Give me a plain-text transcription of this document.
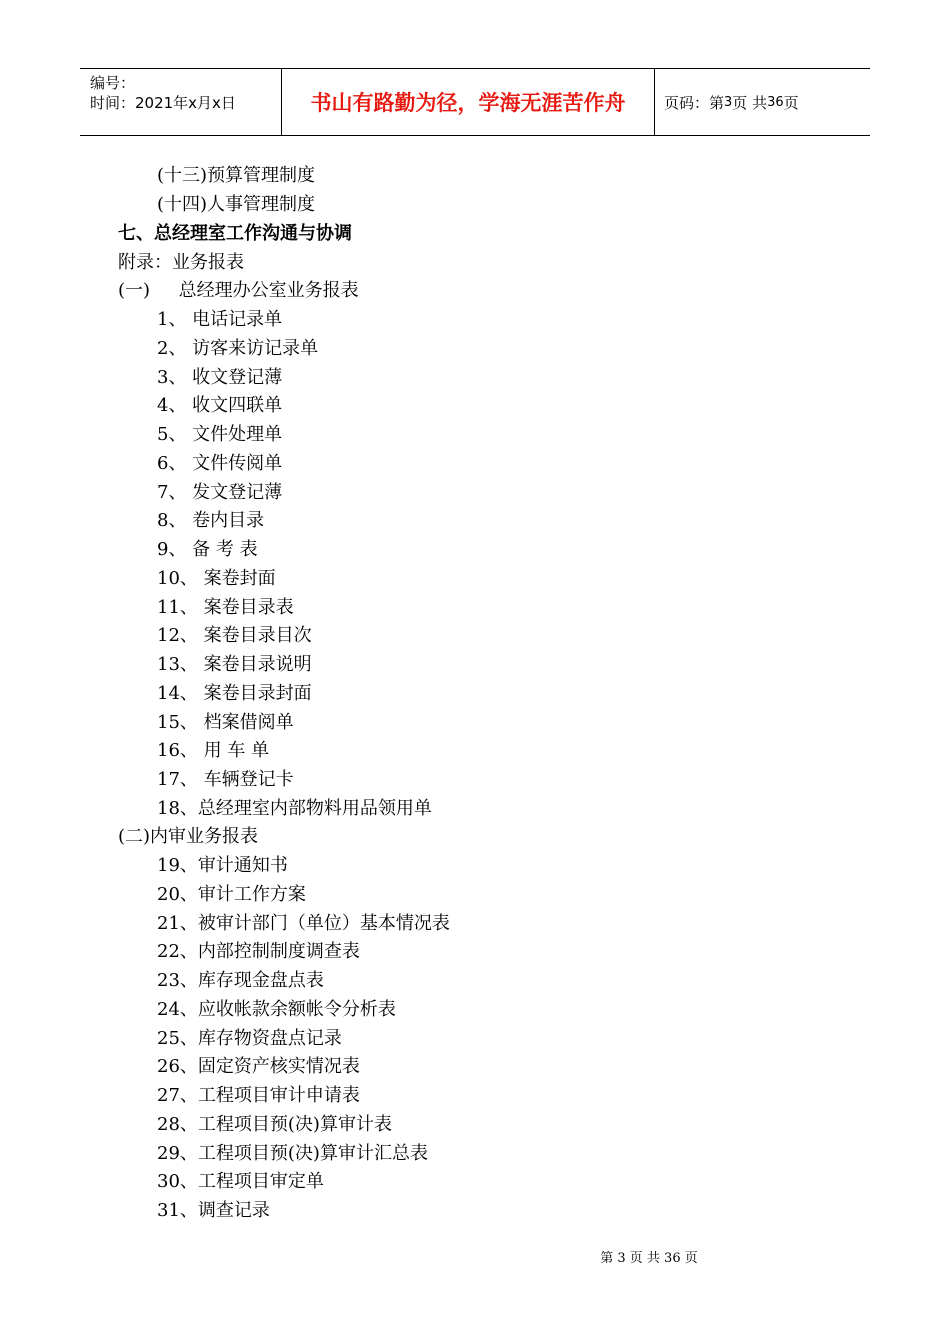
编号：
时间：2021年x月x日	书山有路勤为径，学海无涯苦作舟	页码：第 3 页 共 36 页
(十三)预算管理制度
(十四)人事管理制度
七、总经理室工作沟通与协调
附录：业务报表
(一)     总经理办公室业务报表
1、 电话记录单
2、 访客来访记录单
3、 收文登记薄
4、 收文四联单
5、 文件处理单
6、 文件传阅单
7、 发文登记薄
8、 卷内目录
9、 备 考 表
10、 案卷封面
11、 案卷目录表
12、 案卷目录目次
13、 案卷目录说明
14、 案卷目录封面
15、 档案借阅单
16、 用 车 单
17、 车辆登记卡
18、总经理室内部物料用品领用单
(二)内审业务报表
19、审计通知书
20、审计工作方案
21、被审计部门（单位）基本情况表
22、内部控制制度调查表
23、库存现金盘点表
24、应收帐款余额帐令分析表
25、库存物资盘点记录
26、固定资产核实情况表
27、工程项目审计申请表
28、工程项目预(决)算审计表
29、工程项目预(决)算审计汇总表
30、工程项目审定单
31、调查记录
第 3 页 共 36 页
